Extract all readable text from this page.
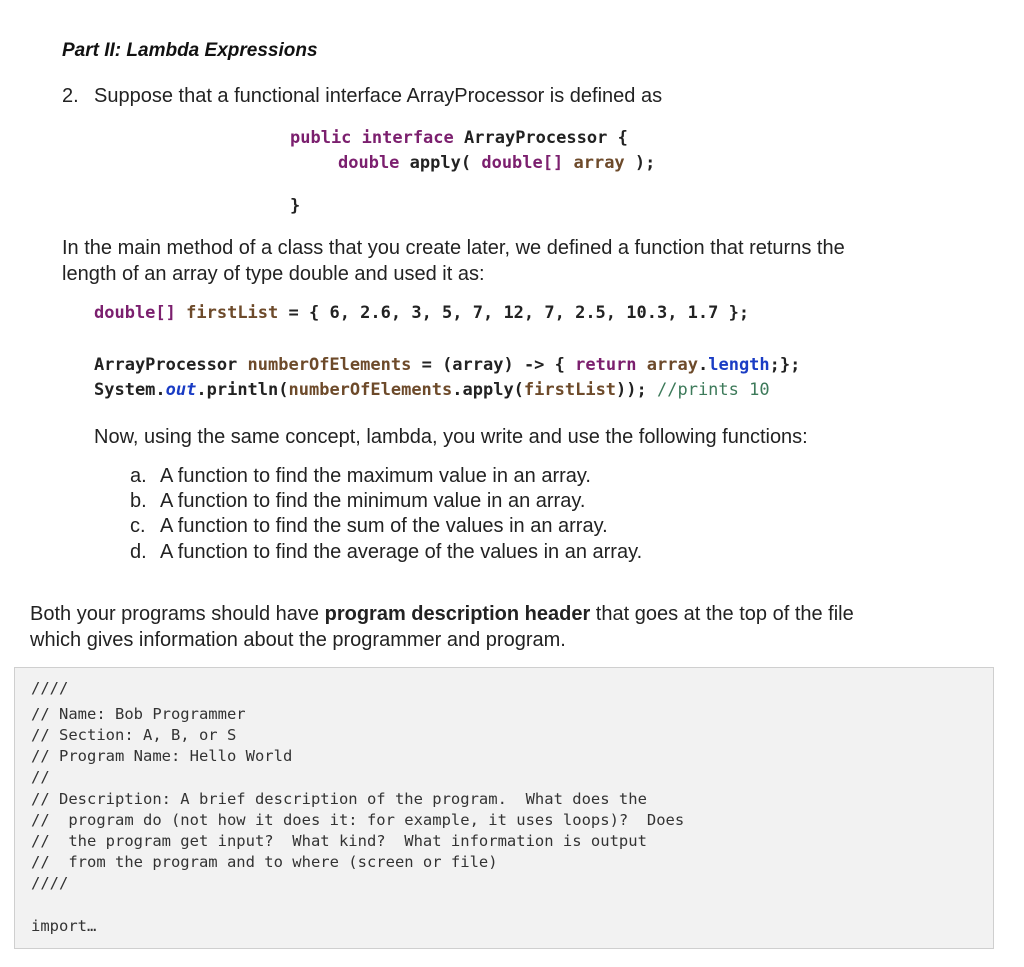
Part II: Lambda Expressions
2. Suppose that a functional interface ArrayProcessor is defined as
public interface ArrayProcessor {
double apply( double[] array );
}
In the main method of a class that you create later, we defined a function that returns the
length of an array of type double and used it as:
double[] firstList = { 6, 2.6, 3, 5, 7, 12, 7, 2.5, 10.3, 1.7 };
ArrayProcessor numberOfElements = (array) -> { return array.length;};
System.out.println(numberOfElements.apply(firstList)); //prints 10
Now, using the same concept, lambda, you write and use the following functions:
a. A function to find the maximum value in an array.
b. A function to find the minimum value in an array.
c. A function to find the sum of the values in an array.
d. A function to find the average of the values in an array.
Both your programs should have program description header that goes at the top of the file
which gives information about the programmer and program.
////
// Name: Bob Programmer
// Section: A, B, or S
// Program Name: Hello World
//
// Description: A brief description of the program.  What does the
//  program do (not how it does it: for example, it uses loops)?  Does
//  the program get input?  What kind?  What information is output
//  from the program and to where (screen or file)
////
import…
